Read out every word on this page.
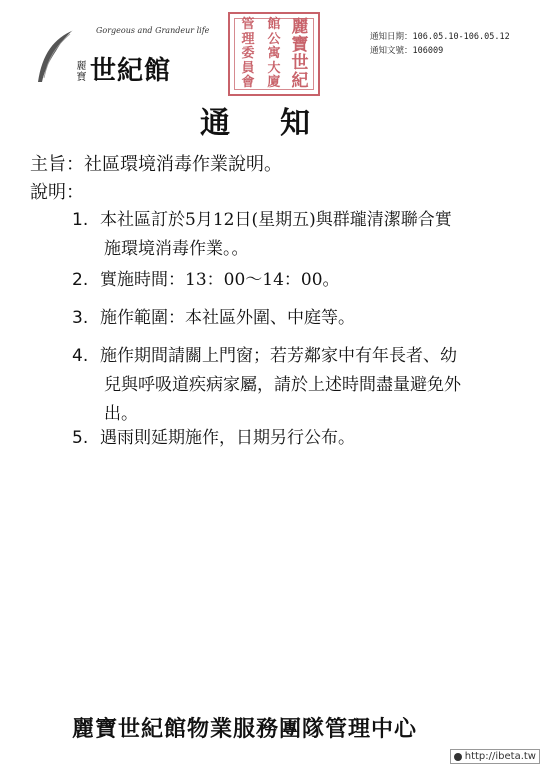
Gorgeous and Grandeur life
麗寶 世紀館
麗
寶
世
紀
館
公
寓
大
廈
管
理
委
員
會
通知日期：106.05.10-106.05.12
通知文號：106009
通知
主旨：社區環境消毒作業說明。
說明：
1. 本社區訂於5月12日(星期五)與群瓏清潔聯合實
施環境消毒作業。。
2. 實施時間：13：00～14：00。
3. 施作範圍：本社區外圍、中庭等。
4. 施作期間請關上門窗；若芳鄰家中有年長者、幼
兒與呼吸道疾病家屬，請於上述時間盡量避免外
出。
5. 遇雨則延期施作，日期另行公布。
麗寶世紀館物業服務團隊管理中心
http://ibeta.tw
